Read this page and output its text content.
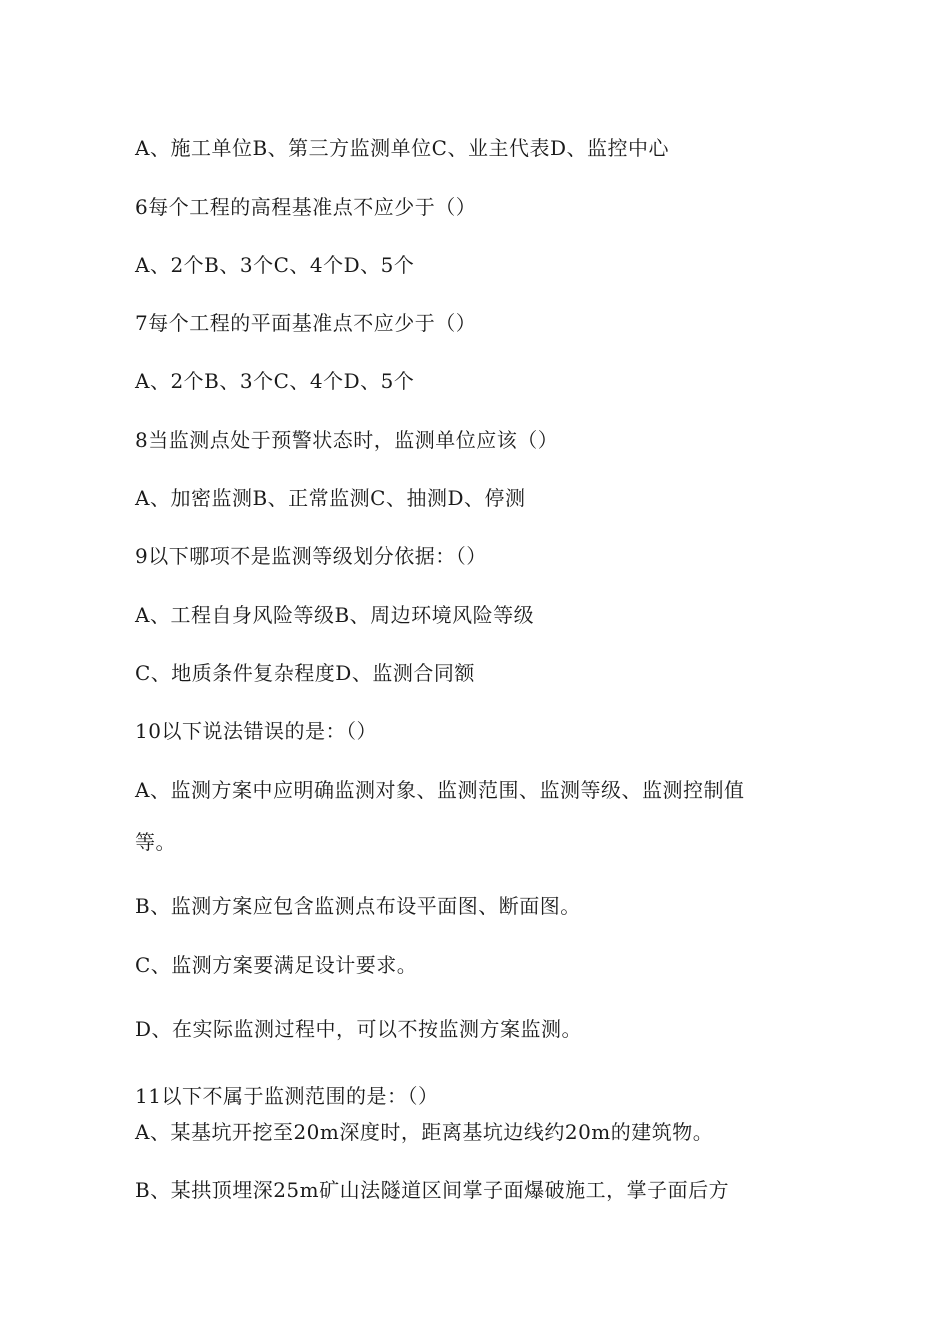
A、施工单位B、第三方监测单位C、业主代表D、监控中心
6每个工程的高程基准点不应少于（）
A、2个B、3个C、4个D、5个
7每个工程的平面基准点不应少于（）
A、2个B、3个C、4个D、5个
8当监测点处于预警状态时，监测单位应该（）
A、加密监测B、正常监测C、抽测D、停测
9以下哪项不是监测等级划分依据：（）
A、工程自身风险等级B、周边环境风险等级
C、地质条件复杂程度D、监测合同额
10以下说法错误的是：（）
A、监测方案中应明确监测对象、监测范围、监测等级、监测控制值
等。
B、监测方案应包含监测点布设平面图、断面图。
C、监测方案要满足设计要求。
D、在实际监测过程中，可以不按监测方案监测。
11以下不属于监测范围的是：（）
A、某基坑开挖至20m深度时，距离基坑边线约20m的建筑物。
B、某拱顶埋深25m矿山法隧道区间掌子面爆破施工，掌子面后方
